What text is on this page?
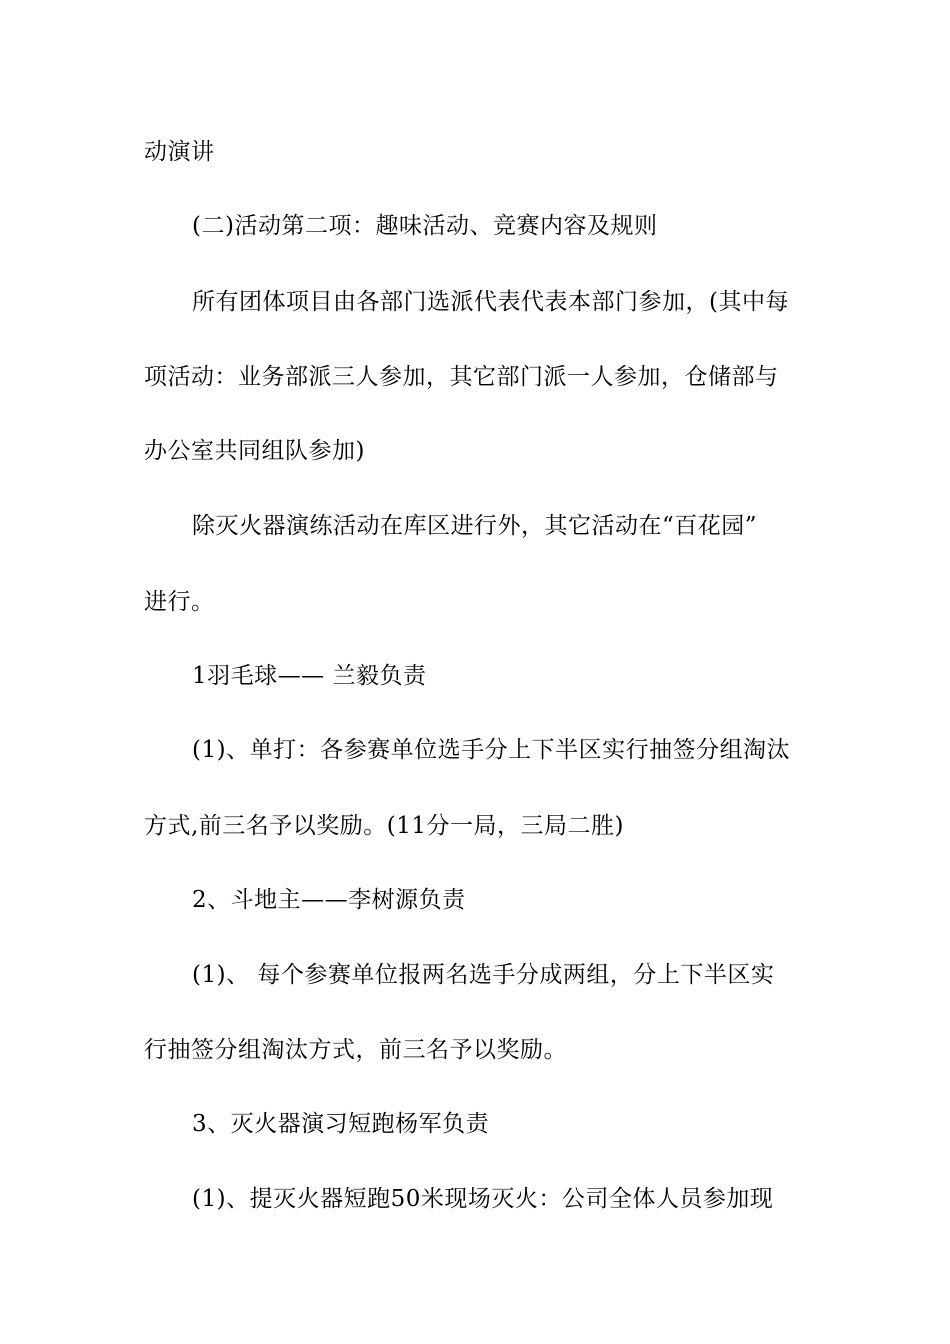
动演讲
(二)活动第二项：趣味活动、竞赛内容及规则
所有团体项目由各部门选派代表代表本部门参加，(其中每
项活动：业务部派三人参加，其它部门派一人参加，仓储部与
办公室共同组队参加)
除灭火器演练活动在库区进行外，其它活动在“百花园”
进行。
1羽毛球—— 兰毅负责
(1)、单打：各参赛单位选手分上下半区实行抽签分组淘汰
方式,前三名予以奖励。(11分一局，三局二胜)
2、斗地主——李树源负责
(1)、 每个参赛单位报两名选手分成两组，分上下半区实
行抽签分组淘汰方式，前三名予以奖励。
3、灭火器演习短跑杨军负责
(1)、提灭火器短跑50米现场灭火：公司全体人员参加现
